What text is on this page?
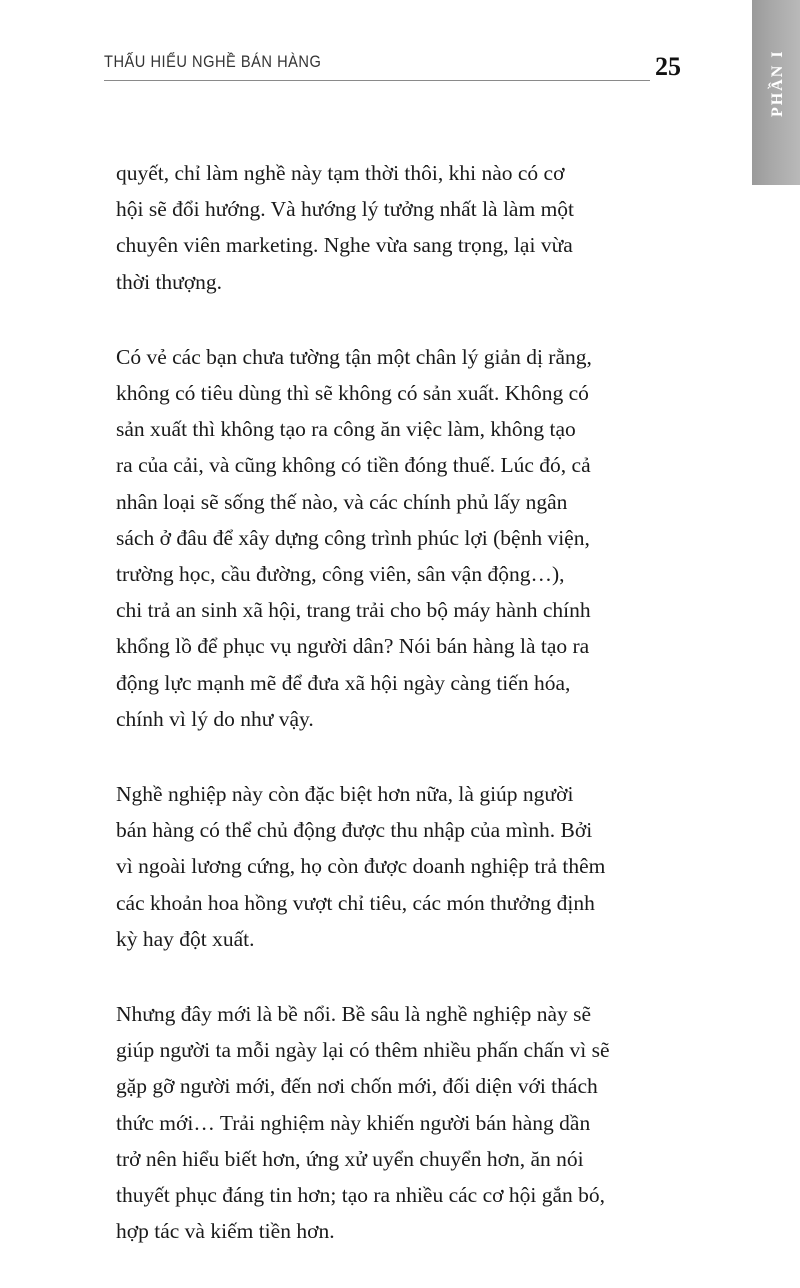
THẤU HIỂU NGHỀ BÁN HÀNG	25	PHẦN I

quyết, chỉ làm nghề này tạm thời thôi, khi nào có cơ
hội sẽ đổi hướng. Và hướng lý tưởng nhất là làm một
chuyên viên marketing. Nghe vừa sang trọng, lại vừa
thời thượng.

Có vẻ các bạn chưa tường tận một chân lý giản dị rằng,
không có tiêu dùng thì sẽ không có sản xuất. Không có
sản xuất thì không tạo ra công ăn việc làm, không tạo
ra của cải, và cũng không có tiền đóng thuế. Lúc đó, cả
nhân loại sẽ sống thế nào, và các chính phủ lấy ngân
sách ở đâu để xây dựng công trình phúc lợi (bệnh viện,
trường học, cầu đường, công viên, sân vận động…),
chi trả an sinh xã hội, trang trải cho bộ máy hành chính
khổng lồ để phục vụ người dân? Nói bán hàng là tạo ra
động lực mạnh mẽ để đưa xã hội ngày càng tiến hóa,
chính vì lý do như vậy.

Nghề nghiệp này còn đặc biệt hơn nữa, là giúp người
bán hàng có thể chủ động được thu nhập của mình. Bởi
vì ngoài lương cứng, họ còn được doanh nghiệp trả thêm
các khoản hoa hồng vượt chỉ tiêu, các món thưởng định
kỳ hay đột xuất.

Nhưng đây mới là bề nổi. Bề sâu là nghề nghiệp này sẽ
giúp người ta mỗi ngày lại có thêm nhiều phấn chấn vì sẽ
gặp gỡ người mới, đến nơi chốn mới, đối diện với thách
thức mới… Trải nghiệm này khiến người bán hàng dần
trở nên hiểu biết hơn, ứng xử uyển chuyển hơn, ăn nói
thuyết phục đáng tin hơn; tạo ra nhiều các cơ hội gắn bó,
hợp tác và kiếm tiền hơn.
